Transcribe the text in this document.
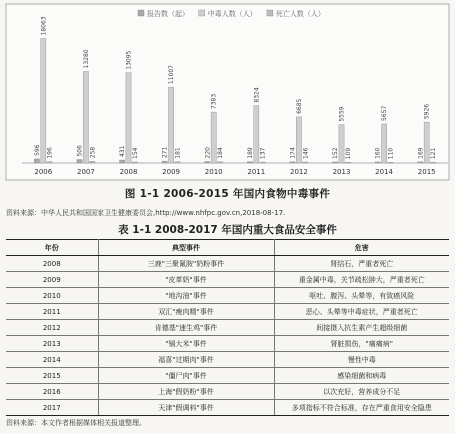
报告数（起）	中毒人数（人）	死亡人数（人）
596
18063
196
2006
506
13280
258
2007
431
13095
154
2008
271
11007
181
2009
220
7383
184
2010
189
8324
137
2011
174
6685
146
2012
152
5559
109
2013
160
5657
110
2014
169
5926
121
2015
图 1-1 2006-2015 年国内食物中毒事件
资料来源：中华人民共和国国家卫生健康委员会,http://www.nhfpc.gov.cn,2018-08-17.
表 1-1 2008-2017 年国内重大食品安全事件
年份	典型事件	危害
2008	三鹿"三聚氰胺"奶粉事件	肾结石，严重者死亡
2009	"皮革奶"事件	重金属中毒，关节疏松肿大，严重者死亡
2010	"地沟油"事件	呕吐、腹泻、头晕等，有致癌风险
2011	双汇"瘦肉精"事件	恶心、头晕等中毒症状，严重者死亡
2012	肯德基"速生鸡"事件	间接摄入抗生素产生超级细菌
2013	"镉大米"事件	肾脏损伤，"痛痛病"
2014	福喜"过期肉"事件	慢性中毒
2015	"僵尸肉"事件	感染细菌和病毒
2016	上海"假奶粉"事件	以次充好，营养成分不足
2017	天津"假调料"事件	多项指标不符合标准，存在严重食用安全隐患
资料来源：本文作者根据媒体相关报道整理。
